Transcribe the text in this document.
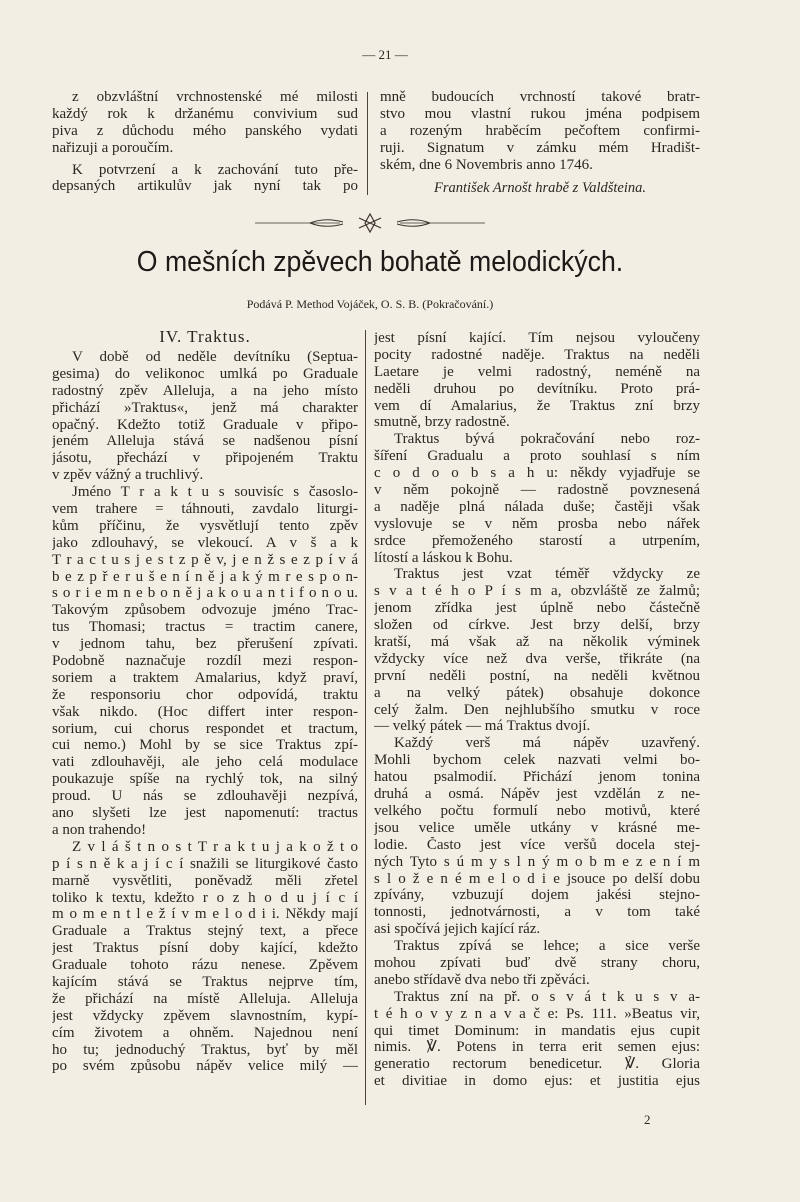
— 21 —
z obzvláštní vrchnostenské mé milosti
každý rok k držanému convivium sud
piva z důchodu mého panského vydati
nařizuji a poroučím.
K potvrzení a k zachování tuto pře-
depsaných artikulův jak nyní tak po
mně budoucích vrchností takové bratr-
stvo mou vlastní rukou jména podpisem
a rozeným hraběcím pečoftem confirmi-
ruji. Signatum v zámku mém Hradišt-
ském, dne 6 Novembris anno 1746.
František Arnošt hrabě z Valdšteina.
O mešních zpěvech bohatě melodických.
Podává P. Method Vojáček, O. S. B. (Pokračování.)
IV. Traktus.
V době od neděle devítníku (Septua-
gesima) do velikonoc umlká po Graduale
radostný zpěv Alleluja, a na jeho místo
přichází »Traktus«, jenž má charakter
opačný. Kdežto totiž Graduale v připo-
jeném Alleluja stává se nadšenou písní
jásotu, přechází v připojeném Traktu
v zpěv vážný a truchlivý.
Jméno T r a k t u s souvisíc s časoslo-
vem trahere = táhnouti, zavdalo liturgi-
kům příčinu, že vysvětlují tento zpěv
jako zdlouhavý, se vlekoucí. A v š a k
T r a c t u s j e s t z p ě v, j e n ž s e z p í v á
b e z p ř e r u š e n í n ě j a k ý m r e s p o n-
s o r i e m n e b o n ě j a k o u a n t i f o n o u.
Takovým způsobem odvozuje jméno Trac-
tus Thomasi; tractus = tractim canere,
v jednom tahu, bez přerušení zpívati.
Podobně naznačuje rozdíl mezi respon-
soriem a traktem Amalarius, když praví,
že responsoriu chor odpovídá, traktu
však nikdo. (Hoc differt inter respon-
sorium, cui chorus respondet et tractum,
cui nemo.) Mohl by se sice Traktus zpí-
vati zdlouhavěji, ale jeho celá modulace
poukazuje spíše na rychlý tok, na silný
proud. U nás se zdlouhavěji nezpívá,
ano slyšeti lze jest napomenutí: tractus
a non trahendo!
Z v l á š t n o s t T r a k t u j a k o ž t o
p í s n ě k a j í c í snažili se liturgikové často
marně vysvětliti, poněvadž měli zřetel
toliko k textu, kdežto r o z h o d u j í c í
m o m e n t l e ž í v m e l o d i i. Někdy mají
Graduale a Traktus stejný text, a přece
jest Traktus písní doby kající, kdežto
Graduale tohoto rázu nenese. Zpěvem
kajícím stává se Traktus nejprve tím,
že přichází na místě Alleluja. Alleluja
jest vždycky zpěvem slavnostním, kypí-
cím životem a ohněm. Najednou není
ho tu; jednoduchý Traktus, byť by měl
po svém způsobu nápěv velice milý —
jest písní kající. Tím nejsou vyloučeny
pocity radostné naděje. Traktus na neděli
Laetare je velmi radostný, neméně na
neděli druhou po devítníku. Proto prá-
vem dí Amalarius, že Traktus zní brzy
smutně, brzy radostně.
Traktus bývá pokračování nebo roz-
šíření Gradualu a proto souhlasí s ním
c o d o o b s a h u: někdy vyjadřuje se
v něm pokojně — radostně povznesená
a naděje plná nálada duše; častěji však
vyslovuje se v něm prosba nebo nářek
srdce přemoženého starostí a utrpením,
lítostí a láskou k Bohu.
Traktus jest vzat téměř vždycky ze
s v a t é h o P í s m a, obzvláště ze žalmů;
jenom zřídka jest úplně nebo částečně
složen od církve. Jest brzy delší, brzy
kratší, má však až na několik výminek
vždycky více než dva verše, třikráte (na
první neděli postní, na neděli květnou
a na velký pátek) obsahuje dokonce
celý žalm. Den nejhlubšího smutku v roce
— velký pátek — má Traktus dvojí.
Každý verš má nápěv uzavřený.
Mohli bychom celek nazvati velmi bo-
hatou psalmodií. Přichází jenom tonina
druhá a osmá. Nápěv jest vzdělán z ne-
velkého počtu formulí nebo motivů, které
jsou velice uměle utkány v krásné me-
lodie. Často jest více veršů docela stej-
ných Tyto s ú m y s l n ý m o b m e z e n í m
s l o ž e n é m e l o d i e jsouce po delší dobu
zpívány, vzbuzují dojem jakési stejno-
tonnosti, jednotvárnosti, a v tom také
asi spočívá jejich kající ráz.
Traktus zpívá se lehce; a sice verše
mohou zpívati buď dvě strany choru,
anebo střídavě dva nebo tři zpěváci.
Traktus zní na př. o s v á t k u s v a-
t é h o v y z n a v a č e: Ps. 111. »Beatus vir,
qui timet Dominum: in mandatis ejus cupit
nimis. ℣. Potens in terra erit semen ejus:
generatio rectorum benedicetur. ℣. Gloria
et divitiae in domo ejus: et justitia ejus
2
